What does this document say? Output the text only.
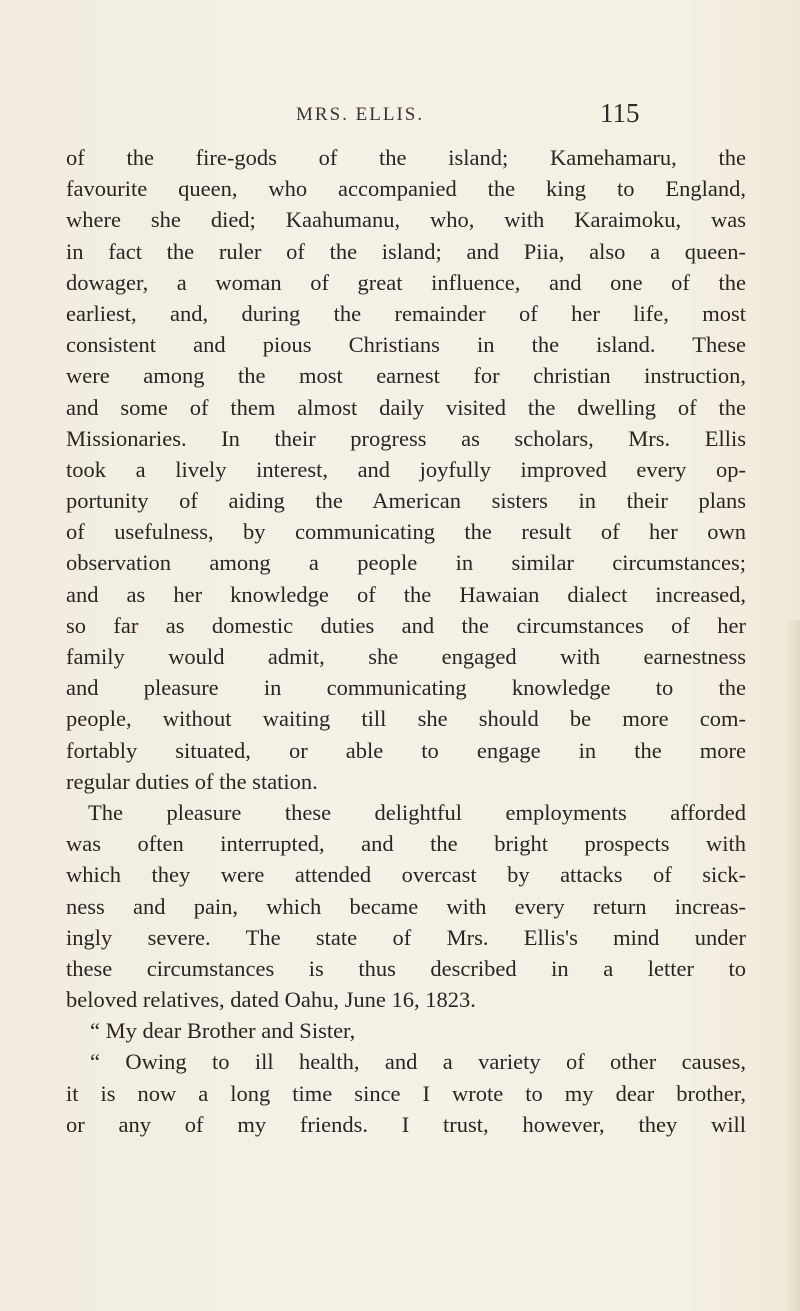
MRS. ELLIS.	115
of the fire-gods of the island; Kamehamaru, the
favourite queen, who accompanied the king to England,
where she died; Kaahumanu, who, with Karaimoku, was
in fact the ruler of the island; and Piia, also a queen-
dowager, a woman of great influence, and one of the
earliest, and, during the remainder of her life, most
consistent and pious Christians in the island. These
were among the most earnest for christian instruction,
and some of them almost daily visited the dwelling of the
Missionaries. In their progress as scholars, Mrs. Ellis
took a lively interest, and joyfully improved every op-
portunity of aiding the American sisters in their plans
of usefulness, by communicating the result of her own
observation among a people in similar circumstances;
and as her knowledge of the Hawaian dialect increased,
so far as domestic duties and the circumstances of her
family would admit, she engaged with earnestness
and pleasure in communicating knowledge to the
people, without waiting till she should be more com-
fortably situated, or able to engage in the more
regular duties of the station.
The pleasure these delightful employments afforded
was often interrupted, and the bright prospects with
which they were attended overcast by attacks of sick-
ness and pain, which became with every return increas-
ingly severe. The state of Mrs. Ellis's mind under
these circumstances is thus described in a letter to
beloved relatives, dated Oahu, June 16, 1823.
“ My dear Brother and Sister,
“ Owing to ill health, and a variety of other causes,
it is now a long time since I wrote to my dear brother,
or any of my friends. I trust, however, they will
